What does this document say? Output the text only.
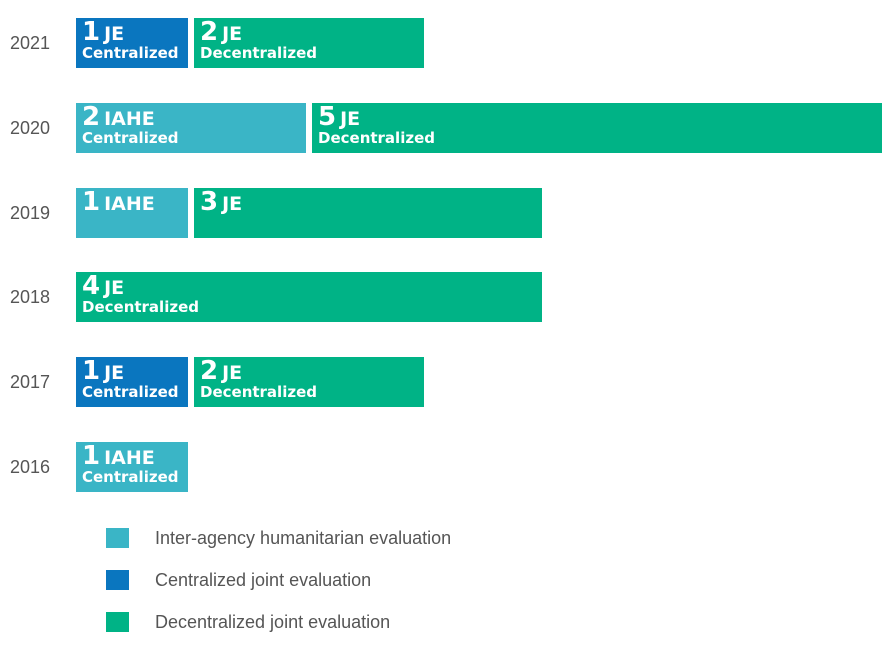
2021	1 JE
Centralized
2 JE
Decentralized
2020	2 IAHE
Centralized
5 JE
Decentralized
2019	1 IAHE	3 JE
2018	4 JE
Decentralized
2017	1 JE
Centralized
2 JE
Decentralized
2016	1 IAHE
Centralized
Inter-agency humanitarian evaluation
Centralized joint evaluation
Decentralized joint evaluation
